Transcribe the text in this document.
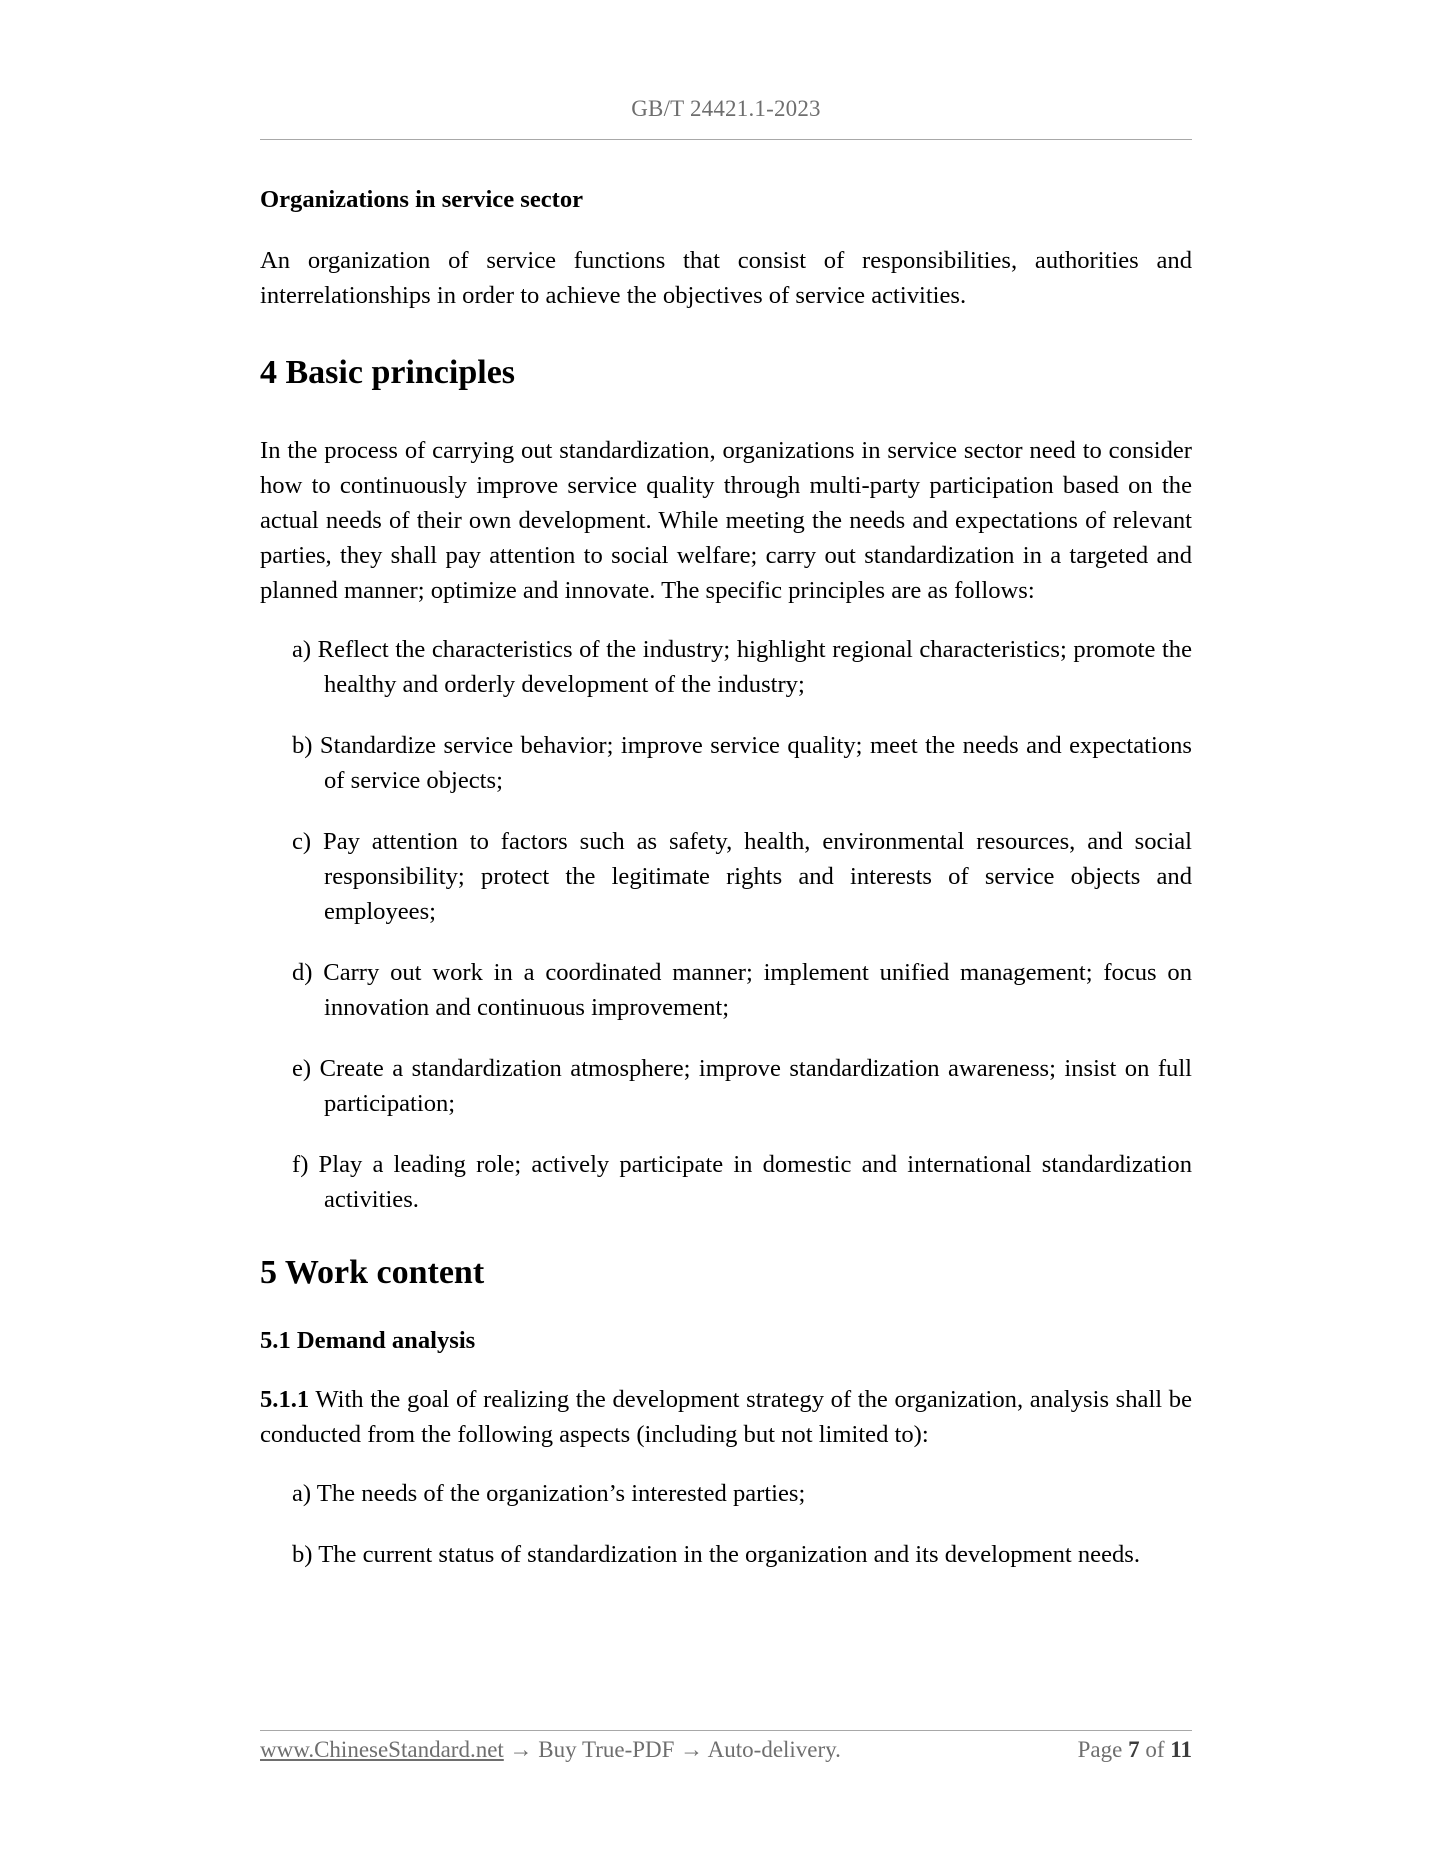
GB/T 24421.1-2023
Organizations in service sector

An organization of service functions that consist of responsibilities, authorities and interrelationships in order to achieve the objectives of service activities.

4 Basic principles

In the process of carrying out standardization, organizations in service sector need to consider how to continuously improve service quality through multi-party participation based on the actual needs of their own development. While meeting the needs and expectations of relevant parties, they shall pay attention to social welfare; carry out standardization in a targeted and planned manner; optimize and innovate. The specific principles are as follows:

a) Reflect the characteristics of the industry; highlight regional characteristics; promote the healthy and orderly development of the industry;
b) Standardize service behavior; improve service quality; meet the needs and expectations of service objects;
c) Pay attention to factors such as safety, health, environmental resources, and social responsibility; protect the legitimate rights and interests of service objects and employees;
d) Carry out work in a coordinated manner; implement unified management; focus on innovation and continuous improvement;
e) Create a standardization atmosphere; improve standardization awareness; insist on full participation;
f) Play a leading role; actively participate in domestic and international standardization activities.
5 Work content
5.1 Demand analysis

5.1.1 With the goal of realizing the development strategy of the organization, analysis shall be conducted from the following aspects (including but not limited to):

a) The needs of the organization’s interested parties;
b) The current status of standardization in the organization and its development needs.
www.ChineseStandard.net → Buy True-PDF → Auto-delivery.	Page 7 of 11
